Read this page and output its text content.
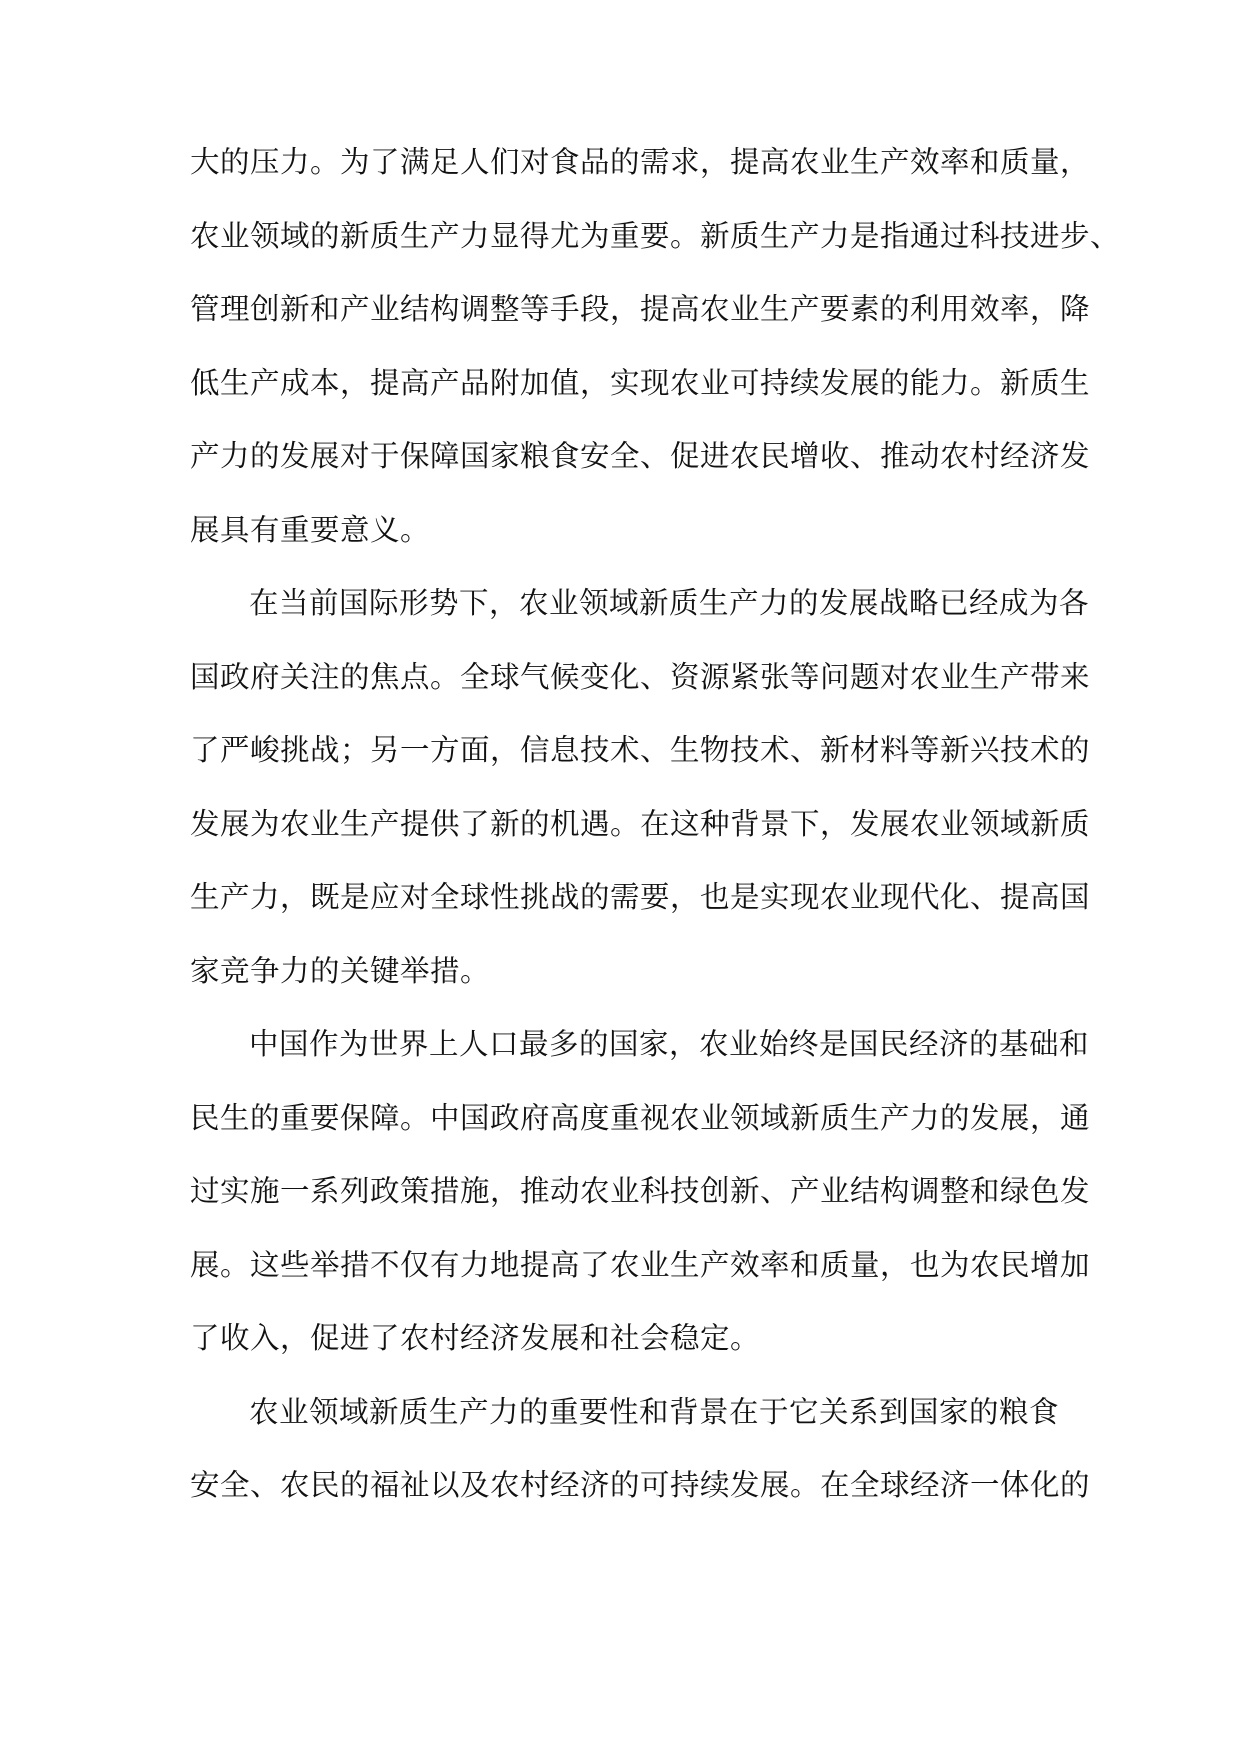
大的压力。为了满足人们对食品的需求，提高农业生产效率和质量，
农业领域的新质生产力显得尤为重要。新质生产力是指通过科技进步、
管理创新和产业结构调整等手段，提高农业生产要素的利用效率，降
低生产成本，提高产品附加值，实现农业可持续发展的能力。新质生
产力的发展对于保障国家粮食安全、促进农民增收、推动农村经济发
展具有重要意义。
在当前国际形势下，农业领域新质生产力的发展战略已经成为各
国政府关注的焦点。全球气候变化、资源紧张等问题对农业生产带来
了严峻挑战；另一方面，信息技术、生物技术、新材料等新兴技术的
发展为农业生产提供了新的机遇。在这种背景下，发展农业领域新质
生产力，既是应对全球性挑战的需要，也是实现农业现代化、提高国
家竞争力的关键举措。
中国作为世界上人口最多的国家，农业始终是国民经济的基础和
民生的重要保障。中国政府高度重视农业领域新质生产力的发展，通
过实施一系列政策措施，推动农业科技创新、产业结构调整和绿色发
展。这些举措不仅有力地提高了农业生产效率和质量，也为农民增加
了收入，促进了农村经济发展和社会稳定。
农业领域新质生产力的重要性和背景在于它关系到国家的粮食
安全、农民的福祉以及农村经济的可持续发展。在全球经济一体化的
